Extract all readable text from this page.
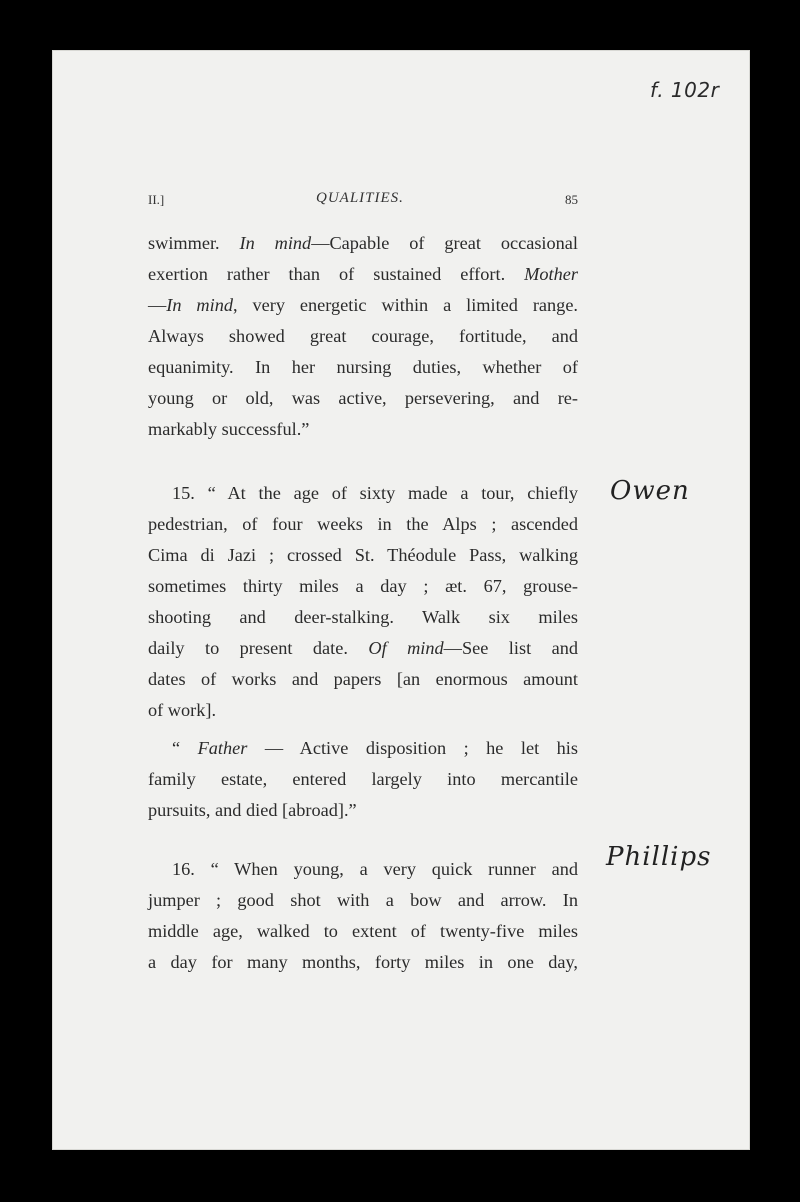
f. 102r
II.]	QUALITIES.	85
swimmer. In mind—Capable of great occasional
exertion rather than of sustained effort. Mother
—In mind, very energetic within a limited range.
Always showed great courage, fortitude, and
equanimity. In her nursing duties, whether of
young or old, was active, persevering, and re-
markably successful.”
15. “ At the age of sixty made a tour, chiefly
pedestrian, of four weeks in the Alps ; ascended
Cima di Jazi ; crossed St. Théodule Pass, walking
sometimes thirty miles a day ; æt. 67, grouse-
shooting and deer-stalking. Walk six miles
daily to present date. Of mind—See list and
dates of works and papers [an enormous amount
of work].
“ Father — Active disposition ; he let his
family estate, entered largely into mercantile
pursuits, and died [abroad].”
16. “ When young, a very quick runner and
jumper ; good shot with a bow and arrow. In
middle age, walked to extent of twenty-five miles
a day for many months, forty miles in one day,
Owen
Phillips
